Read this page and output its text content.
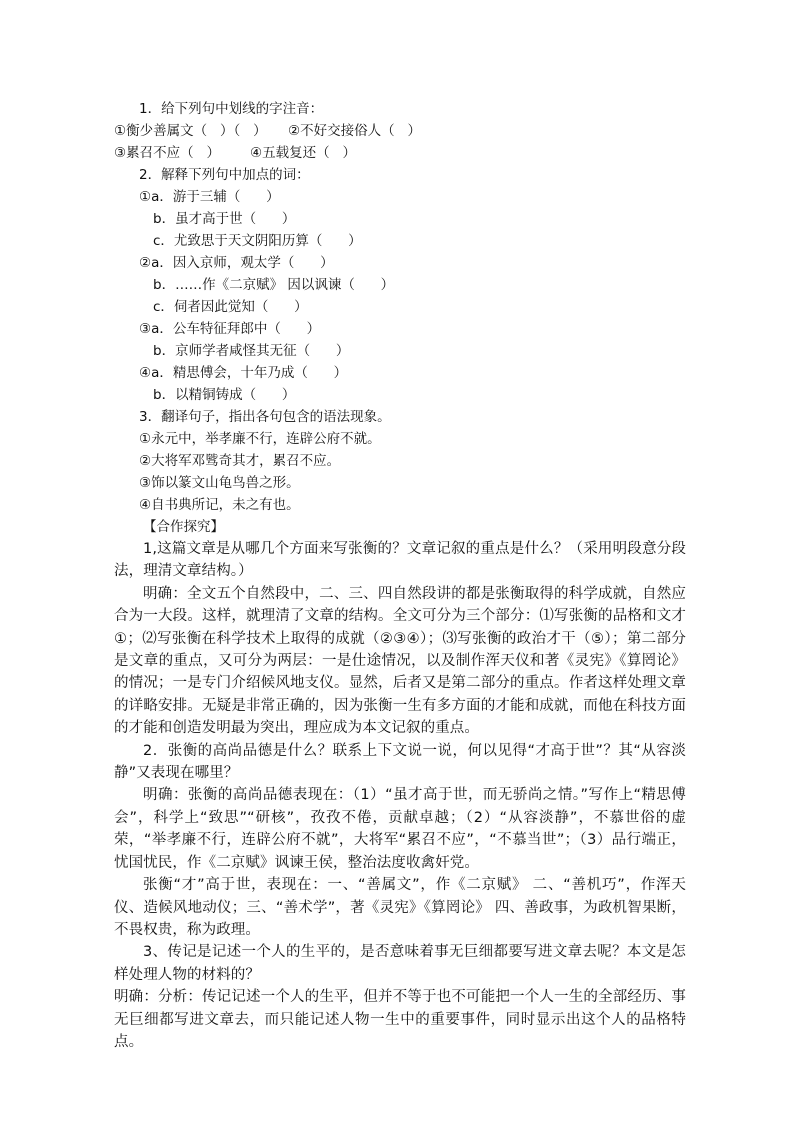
1．给下列句中划线的字注音：

①衡少善属文（   ）（   ）     ②不好交接俗人（   ）

③累召不应（   ）       ④五载复还（   ）

2．解释下列句中加点的词：

①a．游于三辅（      ）

b．虽才高于世（      ）

c．尤致思于天文阴阳历算（      ）

②a．因入京师，观太学（      ）

b．……作《二京赋》 因以讽谏（      ）

c．伺者因此觉知（      ）

③a．公车特征拜郎中（      ）

b．京师学者咸怪其无征（      ）

④a．精思傅会，十年乃成（      ）

b．以精铜铸成（      ）

3．翻译句子，指出各句包含的语法现象。

①永元中，举孝廉不行，连辟公府不就。

②大将军邓骘奇其才，累召不应。

③饰以篆文山龟鸟兽之形。

④自书典所记，未之有也。

【合作探究】

1,这篇文章是从哪几个方面来写张衡的？文章记叙的重点是什么？（采用明段意分段法，理清文章结构。）

明确：全文五个自然段中，二、三、四自然段讲的都是张衡取得的科学成就，自然应合为一大段。这样，就理清了文章的结构。全文可分为三个部分：⑴写张衡的品格和文才①；⑵写张衡在科学技术上取得的成就（②③④）；⑶写张衡的政治才干（⑤）；第二部分是文章的重点，又可分为两层：一是仕途情况，以及制作浑天仪和著《灵宪》《算罔论》的情况；一是专门介绍候风地支仪。显然，后者又是第二部分的重点。作者这样处理文章的详略安排。无疑是非常正确的，因为张衡一生有多方面的才能和成就，而他在科技方面的才能和创造发明最为突出，理应成为本文记叙的重点。

2．张衡的高尚品德是什么？联系上下文说一说，何以见得“才高于世”？其“从容淡静”又表现在哪里？

明确：张衡的高尚品德表现在：（1）“虽才高于世，而无骄尚之情。”写作上“精思傅会”，科学上“致思”“研核”，孜孜不倦，贡献卓越；（2）“从容淡静”，不慕世俗的虚荣，“举孝廉不行，连辟公府不就”，大将军“累召不应”，“不慕当世”；（3）品行端正，忧国忧民，作《二京赋》讽谏王侯，整治法度收禽奸党。

张衡“才”高于世，表现在：一、“善属文”，作《二京赋》 二、“善机巧”，作浑天仪、造候风地动仪；三、“善术学”，著《灵宪》《算罔论》 四、善政事，为政机智果断，不畏权贵，称为政理。

3、传记是记述一个人的生平的，是否意味着事无巨细都要写进文章去呢？本文是怎样处理人物的材料的？

明确：分析：传记记述一个人的生平，但并不等于也不可能把一个人一生的全部经历、事无巨细都写进文章去，而只能记述人物一生中的重要事件，同时显示出这个人的品格特点。
